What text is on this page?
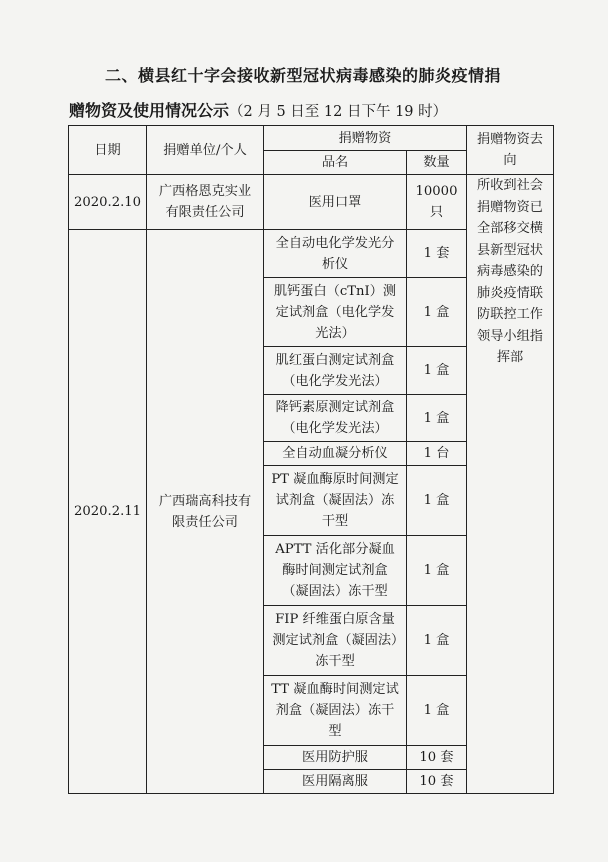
二、横县红十字会接收新型冠状病毒感染的肺炎疫情捐
赠物资及使用情况公示（2 月 5 日至 12 日下午 19 时）
日期	捐赠单位/个人	捐赠物资		捐赠物资去向
		品名	数量	
2020.2.10	广西格恩克实业有限责任公司	医用口罩	10000 只	所收到社会捐赠物资已全部移交横县新型冠状病毒感染的肺炎疫情联防联控工作领导小组指挥部
2020.2.11	广西瑞高科技有限责任公司	全自动电化学发光分析仪	1 套	
		肌钙蛋白（cTnI）测定试剂盒（电化学发光法）	1 盒	
		肌红蛋白测定试剂盒（电化学发光法）	1 盒	
		降钙素原测定试剂盒（电化学发光法）	1 盒	
		全自动血凝分析仪	1 台	
		PT 凝血酶原时间测定试剂盒（凝固法）冻干型	1 盒	
		APTT 活化部分凝血酶时间测定试剂盒（凝固法）冻干型	1 盒	
		FIP 纤维蛋白原含量测定试剂盒（凝固法）冻干型	1 盒	
		TT 凝血酶时间测定试剂盒（凝固法）冻干型	1 盒	
		医用防护服	10 套	
		医用隔离服	10 套	
